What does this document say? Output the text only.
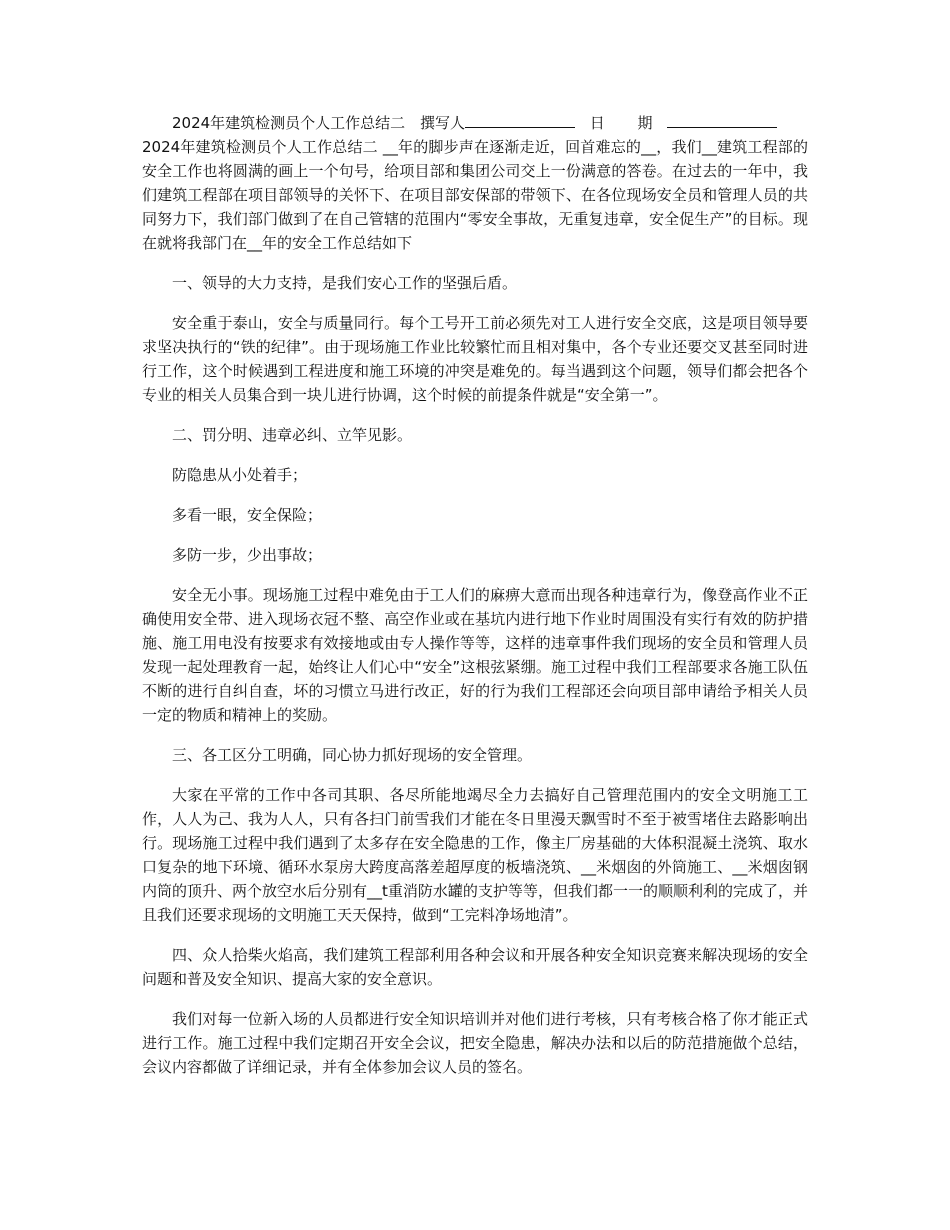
2024年建筑检测员个人工作总结二 撰写人	日 期

2024年建筑检测员个人工作总结二 __年的脚步声在逐渐走近，回首难忘的__，我们__建筑工程部的安全工作也将圆满的画上一个句号，给项目部和集团公司交上一份满意的答卷。在过去的一年中，我们建筑工程部在项目部领导的关怀下、在项目部安保部的带领下、在各位现场安全员和管理人员的共同努力下，我们部门做到了在自己管辖的范围内“零安全事故，无重复违章，安全促生产”的目标。现在就将我部门在__年的安全工作总结如下

一、领导的大力支持，是我们安心工作的坚强后盾。

安全重于泰山，安全与质量同行。每个工号开工前必须先对工人进行安全交底，这是项目领导要求坚决执行的“铁的纪律”。由于现场施工作业比较繁忙而且相对集中，各个专业还要交叉甚至同时进行工作，这个时候遇到工程进度和施工环境的冲突是难免的。每当遇到这个问题，领导们都会把各个专业的相关人员集合到一块儿进行协调，这个时候的前提条件就是“安全第一”。

二、罚分明、违章必纠、立竿见影。

防隐患从小处着手；

多看一眼，安全保险；

多防一步，少出事故；

安全无小事。现场施工过程中难免由于工人们的麻痹大意而出现各种违章行为，像登高作业不正确使用安全带、进入现场衣冠不整、高空作业或在基坑内进行地下作业时周围没有实行有效的防护措施、施工用电没有按要求有效接地或由专人操作等等，这样的违章事件我们现场的安全员和管理人员发现一起处理教育一起，始终让人们心中“安全”这根弦紧绷。施工过程中我们工程部要求各施工队伍不断的进行自纠自查，坏的习惯立马进行改正，好的行为我们工程部还会向项目部申请给予相关人员一定的物质和精神上的奖励。

三、各工区分工明确，同心协力抓好现场的安全管理。

大家在平常的工作中各司其职、各尽所能地竭尽全力去搞好自己管理范围内的安全文明施工工作，人人为己、我为人人，只有各扫门前雪我们才能在冬日里漫天飘雪时不至于被雪堵住去路影响出行。现场施工过程中我们遇到了太多存在安全隐患的工作，像主厂房基础的大体积混凝土浇筑、取水口复杂的地下环境、循环水泵房大跨度高落差超厚度的板墙浇筑、__米烟囱的外筒施工、__米烟囱钢内筒的顶升、两个放空水后分别有__t重消防水罐的支护等等，但我们都一一的顺顺利利的完成了，并且我们还要求现场的文明施工天天保持，做到“工完料净场地清”。

四、众人拾柴火焰高，我们建筑工程部利用各种会议和开展各种安全知识竞赛来解决现场的安全问题和普及安全知识、提高大家的安全意识。

我们对每一位新入场的人员都进行安全知识培训并对他们进行考核，只有考核合格了你才能正式进行工作。施工过程中我们定期召开安全会议，把安全隐患，解决办法和以后的防范措施做个总结，会议内容都做了详细记录，并有全体参加会议人员的签名。
